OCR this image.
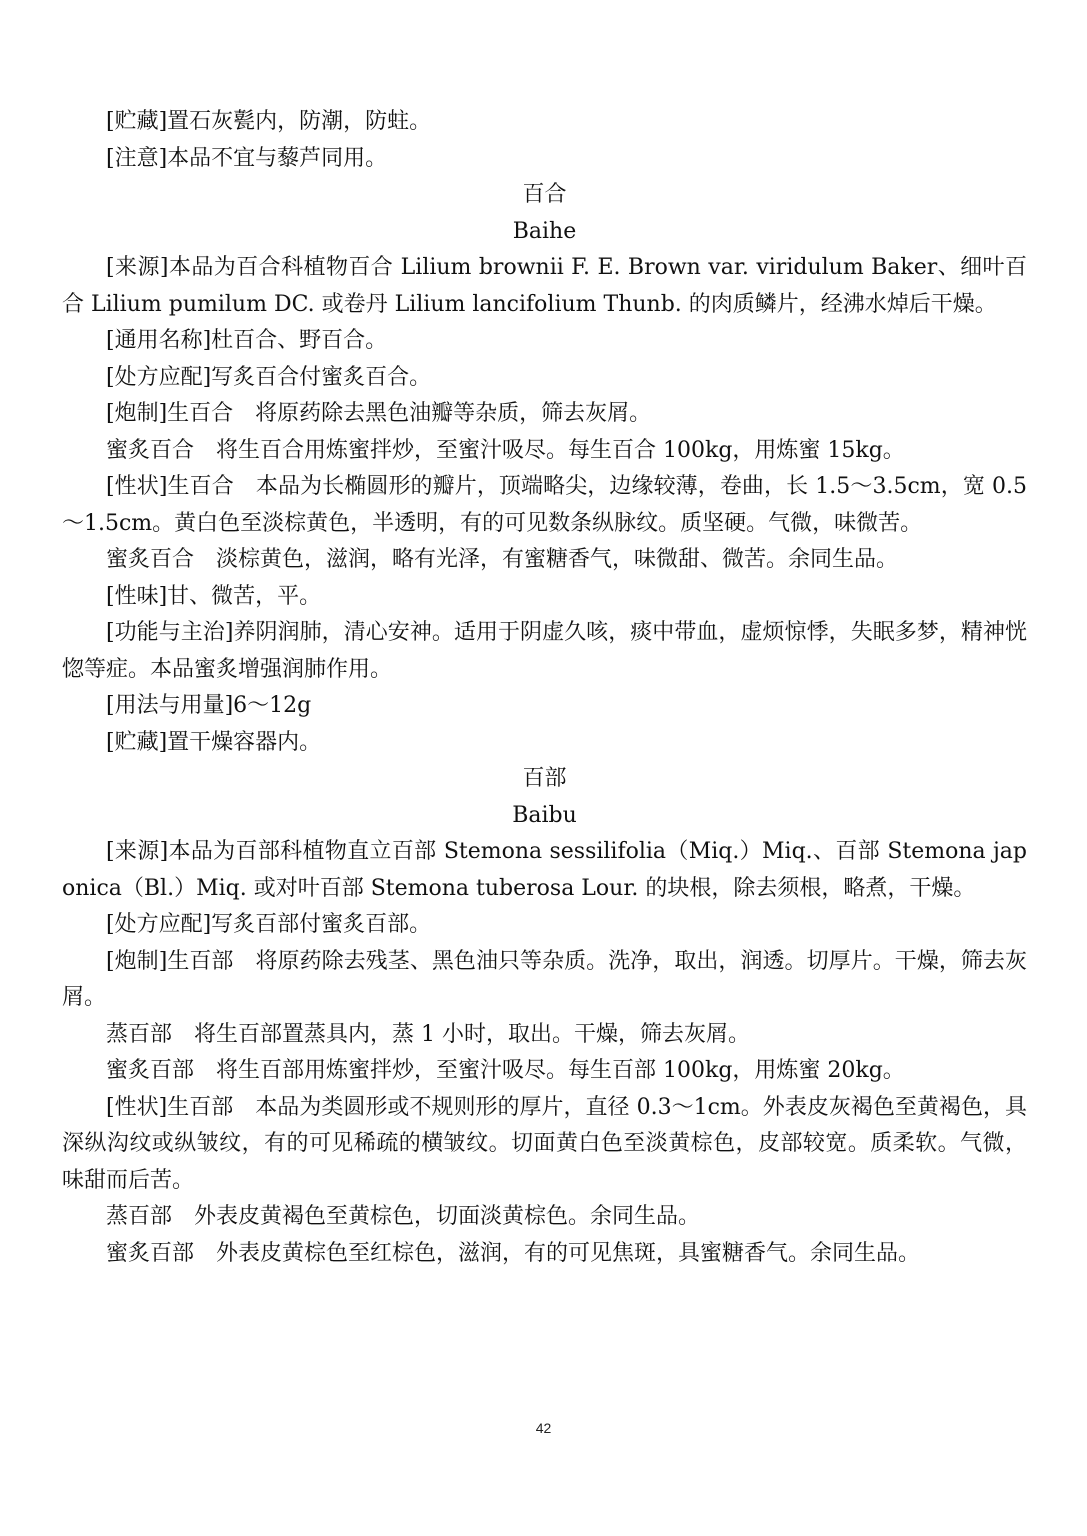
[贮藏]置石灰甏内，防潮，防蛀。

[注意]本品不宜与藜芦同用。

百合

Baihe

[来源]本品为百合科植物百合 Lilium brownii F. E. Brown var. viridulum Baker、细叶百合 Lilium pumilum DC. 或卷丹 Lilium lancifolium Thunb. 的肉质鳞片，经沸水焯后干燥。

[通用名称]杜百合、野百合。

[处方应配]写炙百合付蜜炙百合。

[炮制]生百合　将原药除去黑色油瓣等杂质，筛去灰屑。

蜜炙百合　将生百合用炼蜜拌炒，至蜜汁吸尽。每生百合 100kg，用炼蜜 15kg。

[性状]生百合　本品为长椭圆形的瓣片，顶端略尖，边缘较薄，卷曲，长 1.5～3.5cm，宽 0.5～1.5cm。黄白色至淡棕黄色，半透明，有的可见数条纵脉纹。质坚硬。气微，味微苦。

蜜炙百合　淡棕黄色，滋润，略有光泽，有蜜糖香气，味微甜、微苦。余同生品。

[性味]甘、微苦，平。

[功能与主治]养阴润肺，清心安神。适用于阴虚久咳，痰中带血，虚烦惊悸，失眠多梦，精神恍惚等症。本品蜜炙增强润肺作用。

[用法与用量]6～12g

[贮藏]置干燥容器内。

百部

Baibu

[来源]本品为百部科植物直立百部 Stemona sessilifolia（Miq.）Miq.、百部 Stemona japonica（Bl.）Miq. 或对叶百部 Stemona tuberosa Lour. 的块根，除去须根，略煮，干燥。

[处方应配]写炙百部付蜜炙百部。

[炮制]生百部　将原药除去残茎、黑色油只等杂质。洗净，取出，润透。切厚片。干燥，筛去灰屑。

蒸百部　将生百部置蒸具内，蒸 1 小时，取出。干燥，筛去灰屑。

蜜炙百部　将生百部用炼蜜拌炒，至蜜汁吸尽。每生百部 100kg，用炼蜜 20kg。

[性状]生百部　本品为类圆形或不规则形的厚片，直径 0.3～1cm。外表皮灰褐色至黄褐色，具深纵沟纹或纵皱纹，有的可见稀疏的横皱纹。切面黄白色至淡黄棕色，皮部较宽。质柔软。气微，味甜而后苦。

蒸百部　外表皮黄褐色至黄棕色，切面淡黄棕色。余同生品。

蜜炙百部　外表皮黄棕色至红棕色，滋润，有的可见焦斑，具蜜糖香气。余同生品。

42
